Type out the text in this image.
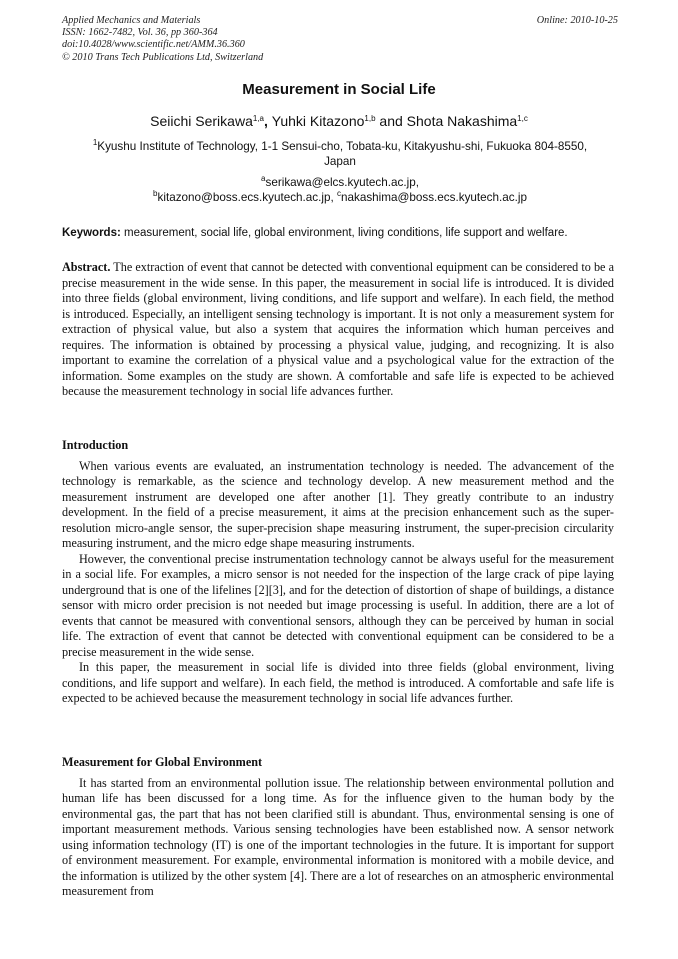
Applied Mechanics and Materials
ISSN: 1662-7482, Vol. 36, pp 360-364
doi:10.4028/www.scientific.net/AMM.36.360
© 2010 Trans Tech Publications Ltd, Switzerland
Online: 2010-10-25
Measurement in Social Life
Seiichi Serikawa$^{1,a}$, Yuhki Kitazono$^{1,b}$ and Shota Nakashima$^{1,c}$
$^1$Kyushu Institute of Technology, 1-1 Sensui-cho, Tobata-ku, Kitakyushu-shi, Fukuoka 804-8550, Japan
$^a$serikawa@elcs.kyutech.ac.jp,
$^b$kitazono@boss.ecs.kyutech.ac.jp, $^c$nakashima@boss.ecs.kyutech.ac.jp
Keywords: measurement, social life, global environment, living conditions, life support and welfare.

Abstract. The extraction of event that cannot be detected with conventional equipment can be considered to be a precise measurement in the wide sense. In this paper, the measurement in social life is introduced. It is divided into three fields (global environment, living conditions, and life support and welfare). In each field, the method is introduced. Especially, an intelligent sensing technology is important. It is not only a measurement system for extraction of physical value, but also a system that acquires the information which human perceives and requires. The information is obtained by processing a physical value, judging, and recognizing. It is also important to examine the correlation of a physical value and a psychological value for the extraction of the information. Some examples on the study are shown. A comfortable and safe life is expected to be achieved because the measurement technology in social life advances further.

Introduction

When various events are evaluated, an instrumentation technology is needed. The advancement of the technology is remarkable, as the science and technology develop. A new measurement method and the measurement instrument are developed one after another [1]. They greatly contribute to an industry development. In the field of a precise measurement, it aims at the precision enhancement such as the super-resolution micro-angle sensor, the super-precision shape measuring instrument, the super-precision circularity measuring instrument, and the micro edge shape measuring instruments.

However, the conventional precise instrumentation technology cannot be always useful for the measurement in a social life. For examples, a micro sensor is not needed for the inspection of the large crack of pipe laying underground that is one of the lifelines [2][3], and for the detection of distortion of shape of buildings, a distance sensor with micro order precision is not needed but image processing is useful. In addition, there are a lot of events that cannot be measured with conventional sensors, although they can be perceived by human in social life. The extraction of event that cannot be detected with conventional equipment can be considered to be a precise measurement in the wide sense.

In this paper, the measurement in social life is divided into three fields (global environment, living conditions, and life support and welfare). In each field, the method is introduced. A comfortable and safe life is expected to be achieved because the measurement technology in social life advances further.

Measurement for Global Environment

It has started from an environmental pollution issue. The relationship between environmental pollution and human life has been discussed for a long time. As for the influence given to the human body by the environmental gas, the part that has not been clarified still is abundant. Thus, environmental sensing is one of important measurement methods. Various sensing technologies have been established now. A sensor network using information technology (IT) is one of the important technologies in the future. It is important for support of environment measurement. For example, environmental information is monitored with a mobile device, and the information is utilized by the other system [4]. There are a lot of researches on an atmospheric environmental measurement from
